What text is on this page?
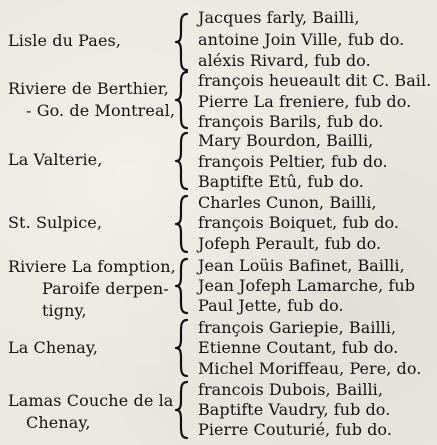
Lisle du Paes,
Jacques farly, Bailli,
antoine Join Ville, fub do.
aléxis Rivard, fub do.
Riviere de Berthier,
- Go. de Montreal,
françois heueault dit C. Bail.
Pierre La freniere, fub do.
françois Barils, fub do.
La Valterie,
Mary Bourdon, Bailli,
françois Peltier, fub do.
Baptifte Etû, fub do.
St. Sulpice,
Charles Cunon, Bailli,
françois Boiquet, fub do.
Jofeph Perault, fub do.
Riviere La fomption,
Paroife derpen-
tigny,
Jean Loüis Bafinet, Bailli,
Jean Jofeph Lamarche, fub
Paul Jette, fub do.
La Chenay,
françois Gariepie, Bailli,
Etienne Coutant, fub do.
Michel Moriffeau, Pere, do.
Lamas Couche de la
Chenay,
francois Dubois, Bailli,
Baptifte Vaudry, fub do.
Pierre Couturié, fub do.
